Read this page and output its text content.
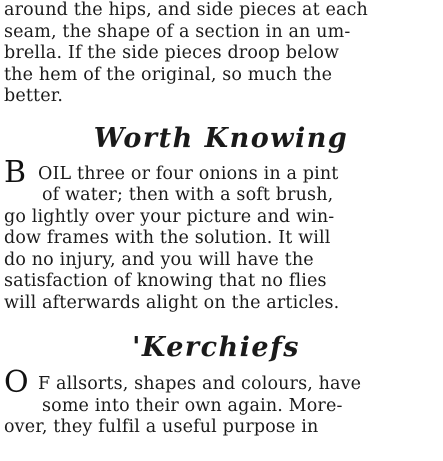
around the hips, and side pieces at each
seam, the shape of a section in an um-
brella. If the side pieces droop below
the hem of the original, so much the
better.
Worth Knowing
B OIL three or four onions in a pint
of water; then with a soft brush,
go lightly over your picture and win-
dow frames with the solution. It will
do no injury, and you will have the
satisfaction of knowing that no flies
will afterwards alight on the articles.
'Kerchiefs
O F allsorts, shapes and colours, have
some into their own again. More-
over, they fulfil a useful purpose in
